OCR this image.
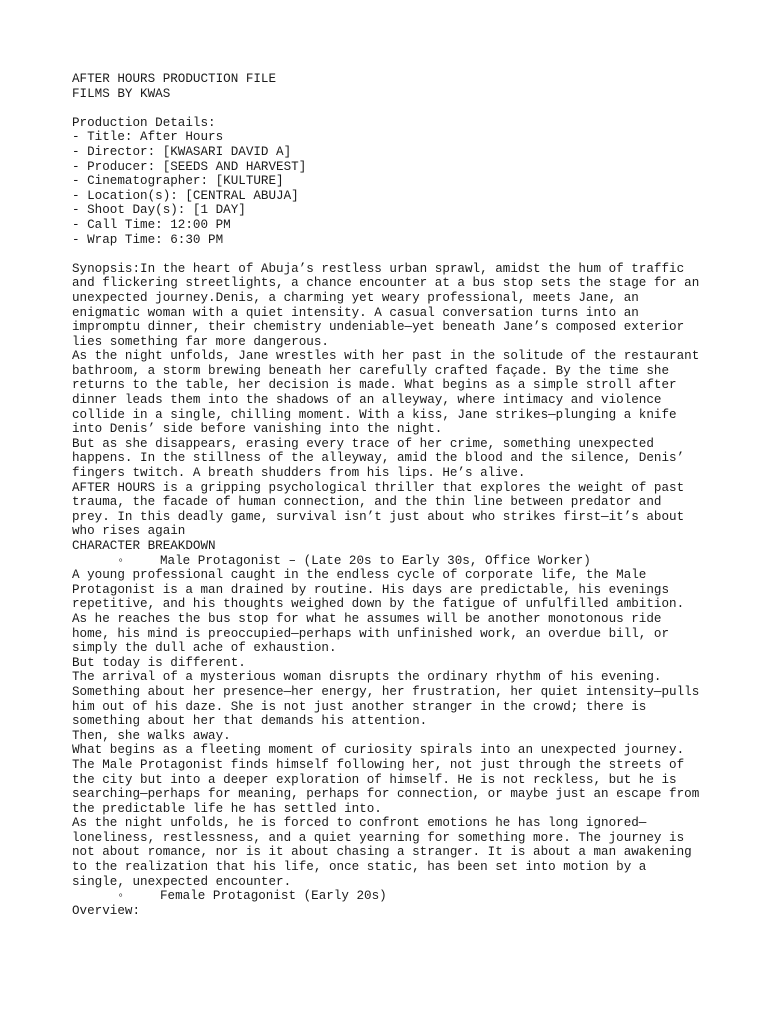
AFTER HOURS PRODUCTION FILE
FILMS BY KWAS
Production Details:
- Title: After Hours
- Director: [KWASARI DAVID A]
- Producer: [SEEDS AND HARVEST]
- Cinematographer: [KULTURE]
- Location(s): [CENTRAL ABUJA]
- Shoot Day(s): [1 DAY]
- Call Time: 12:00 PM
- Wrap Time: 6:30 PM
Synopsis:In the heart of Abuja’s restless urban sprawl, amidst the hum of traffic
and flickering streetlights, a chance encounter at a bus stop sets the stage for an
unexpected journey.Denis, a charming yet weary professional, meets Jane, an
enigmatic woman with a quiet intensity. A casual conversation turns into an
impromptu dinner, their chemistry undeniable—yet beneath Jane’s composed exterior
lies something far more dangerous.
As the night unfolds, Jane wrestles with her past in the solitude of the restaurant
bathroom, a storm brewing beneath her carefully crafted façade. By the time she
returns to the table, her decision is made. What begins as a simple stroll after
dinner leads them into the shadows of an alleyway, where intimacy and violence
collide in a single, chilling moment. With a kiss, Jane strikes—plunging a knife
into Denis’ side before vanishing into the night.
But as she disappears, erasing every trace of her crime, something unexpected
happens. In the stillness of the alleyway, amid the blood and the silence, Denis’
fingers twitch. A breath shudders from his lips. He’s alive.
AFTER HOURS is a gripping psychological thriller that explores the weight of past
trauma, the facade of human connection, and the thin line between predator and
prey. In this deadly game, survival isn’t just about who strikes first—it’s about
who rises again
CHARACTER BREAKDOWN

◦

	Male Protagonist – (Late 20s to Early 30s, Office Worker)

A young professional caught in the endless cycle of corporate life, the Male
Protagonist is a man drained by routine. His days are predictable, his evenings
repetitive, and his thoughts weighed down by the fatigue of unfulfilled ambition.
As he reaches the bus stop for what he assumes will be another monotonous ride
home, his mind is preoccupied—perhaps with unfinished work, an overdue bill, or
simply the dull ache of exhaustion.
But today is different.
The arrival of a mysterious woman disrupts the ordinary rhythm of his evening.
Something about her presence—her energy, her frustration, her quiet intensity—pulls
him out of his daze. She is not just another stranger in the crowd; there is
something about her that demands his attention.
Then, she walks away.
What begins as a fleeting moment of curiosity spirals into an unexpected journey.
The Male Protagonist finds himself following her, not just through the streets of
the city but into a deeper exploration of himself. He is not reckless, but he is
searching—perhaps for meaning, perhaps for connection, or maybe just an escape from
the predictable life he has settled into.
As the night unfolds, he is forced to confront emotions he has long ignored—
loneliness, restlessness, and a quiet yearning for something more. The journey is
not about romance, nor is it about chasing a stranger. It is about a man awakening
to the realization that his life, once static, has been set into motion by a
single, unexpected encounter.

◦

	Female Protagonist (Early 20s)

Overview:
